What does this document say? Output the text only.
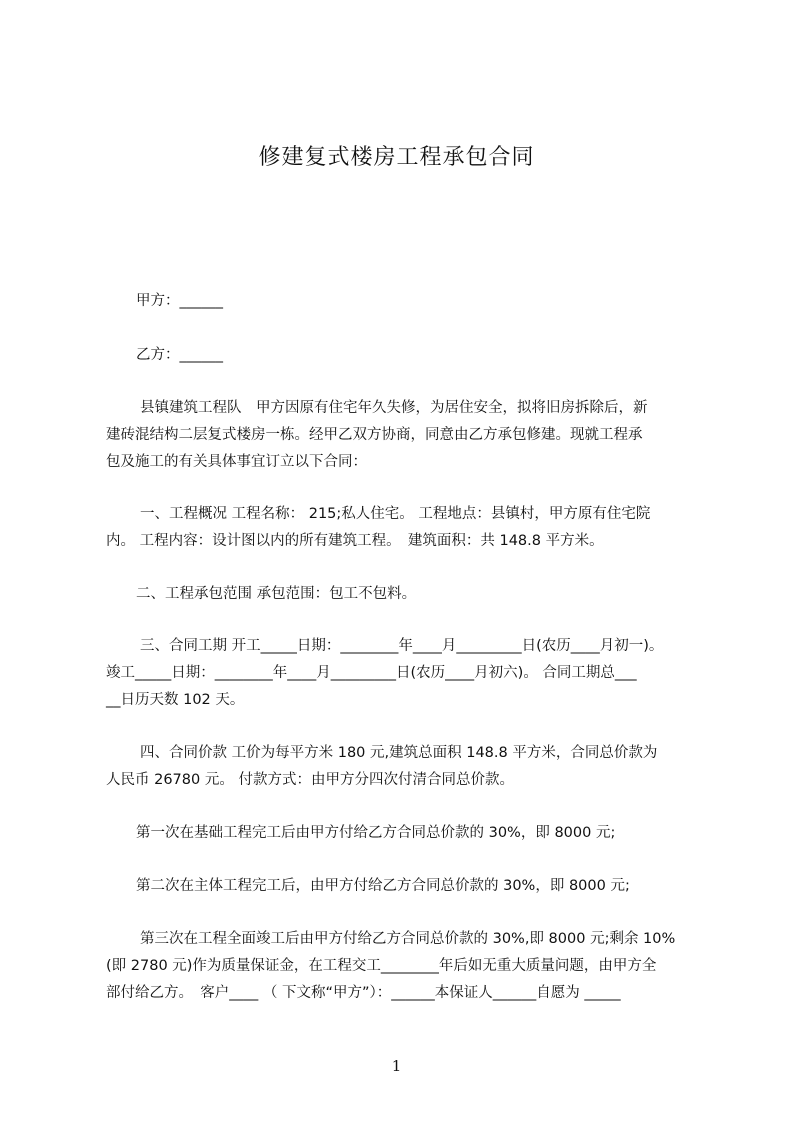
修建复式楼房工程承包合同
甲方：______
乙方：______
县镇建筑工程队　甲方因原有住宅年久失修，为居住安全，拟将旧房拆除后，新
建砖混结构二层复式楼房一栋。经甲乙双方协商，同意由乙方承包修建。现就工程承
包及施工的有关具体事宜订立以下合同：
一、工程概况 工程名称： 215;私人住宅。 工程地点：县镇村，甲方原有住宅院
内。 工程内容：设计图以内的所有建筑工程。　建筑面积：共 148.8 平方米。
二、工程承包范围 承包范围：包工不包料。
三、合同工期 开工_____日期：________年____月_________日(农历____月初一)。
竣工_____日期：________年____月_________日(农历____月初六)。 合同工期总___
__日历天数 102 天。
四、合同价款 工价为每平方米 180 元,建筑总面积 148.8 平方米，合同总价款为
人民币 26780 元。 付款方式：由甲方分四次付清合同总价款。
第一次在基础工程完工后由甲方付给乙方合同总价款的 30%，即 8000 元;
第二次在主体工程完工后，由甲方付给乙方合同总价款的 30%，即 8000 元;
第三次在工程全面竣工后由甲方付给乙方合同总价款的 30%,即 8000 元;剩余 10%
(即 2780 元)作为质量保证金，在工程交工________年后如无重大质量问题，由甲方全
部付给乙方。　客户____ （ 下文称“甲方”）：______本保证人______自愿为 _____
1
